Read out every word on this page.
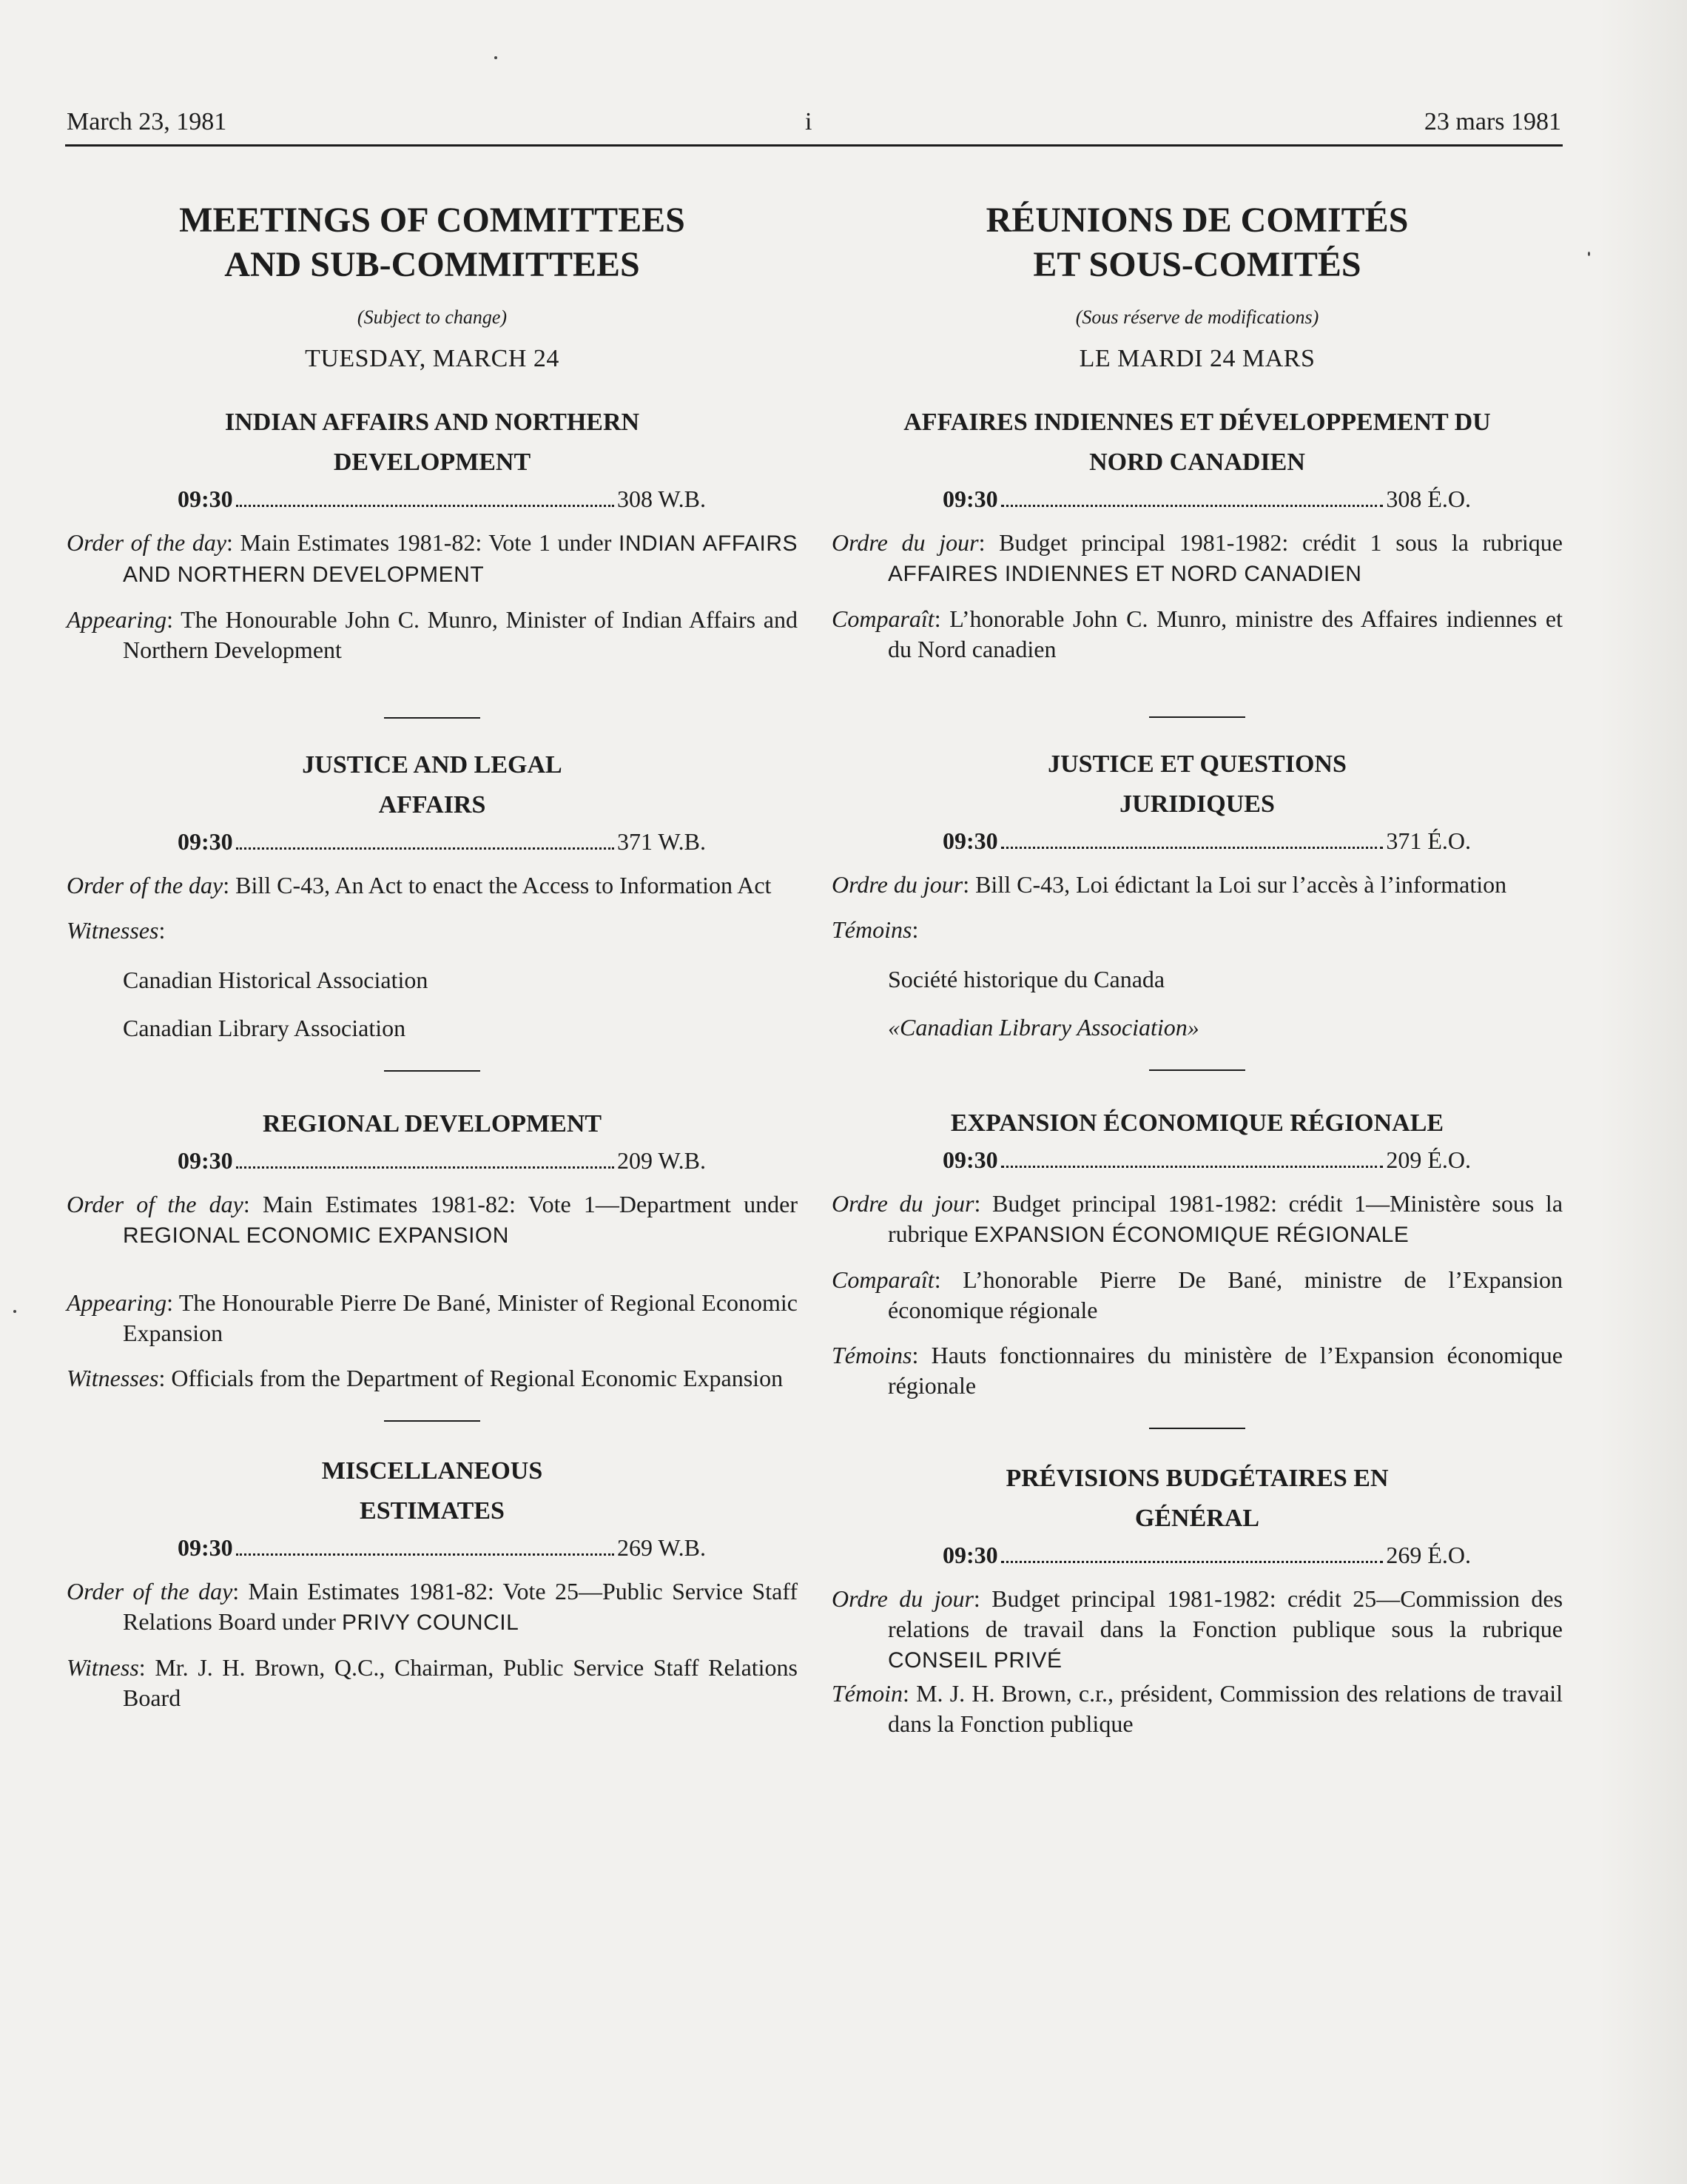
March 23, 1981	i	23 mars 1981
MEETINGS OF COMMITTEES
AND SUB-COMMITTEES
(Subject to change)
TUESDAY, MARCH 24
INDIAN AFFAIRS AND NORTHERN DEVELOPMENT
09:30	308 W.B.
Order of the day: Main Estimates 1981-82: Vote 1 under INDIAN AFFAIRS AND NORTHERN DEVELOPMENT
Appearing: The Honourable John C. Munro, Minister of Indian Affairs and Northern Development
JUSTICE AND LEGAL AFFAIRS
09:30	371 W.B.
Order of the day: Bill C-43, An Act to enact the Access to Information Act
Witnesses:
Canadian Historical Association
Canadian Library Association
REGIONAL DEVELOPMENT
09:30	209 W.B.
Order of the day: Main Estimates 1981-82: Vote 1—Department under REGIONAL ECONOMIC EXPANSION
Appearing: The Honourable Pierre De Bané, Minister of Regional Economic Expansion
Witnesses: Officials from the Department of Regional Economic Expansion
MISCELLANEOUS ESTIMATES
09:30	269 W.B.
Order of the day: Main Estimates 1981-82: Vote 25—Public Service Staff Relations Board under PRIVY COUNCIL
Witness: Mr. J. H. Brown, Q.C., Chairman, Public Service Staff Relations Board
RÉUNIONS DE COMITÉS
ET SOUS-COMITÉS
(Sous réserve de modifications)
LE MARDI 24 MARS
AFFAIRES INDIENNES ET DÉVELOPPEMENT DU NORD CANADIEN
09:30	308 É.O.
Ordre du jour: Budget principal 1981-1982: crédit 1 sous la rubrique AFFAIRES INDIENNES ET NORD CANADIEN
Comparaît: L’honorable John C. Munro, ministre des Affaires indiennes et du Nord canadien
JUSTICE ET QUESTIONS JURIDIQUES
09:30	371 É.O.
Ordre du jour: Bill C-43, Loi édictant la Loi sur l’accès à l’information
Témoins:
Société historique du Canada
«Canadian Library Association»
EXPANSION ÉCONOMIQUE RÉGIONALE
09:30	209 É.O.
Ordre du jour: Budget principal 1981-1982: crédit 1—Ministère sous la rubrique EXPANSION ÉCONOMIQUE RÉGIONALE
Comparaît: L’honorable Pierre De Bané, ministre de l’Expansion économique régionale
Témoins: Hauts fonctionnaires du ministère de l’Expansion économique régionale
PRÉVISIONS BUDGÉTAIRES EN GÉNÉRAL
09:30	269 É.O.
Ordre du jour: Budget principal 1981-1982: crédit 25—Commission des relations de travail dans la Fonction publique sous la rubrique CONSEIL PRIVÉ
Témoin: M. J. H. Brown, c.r., président, Commission des relations de travail dans la Fonction publique
